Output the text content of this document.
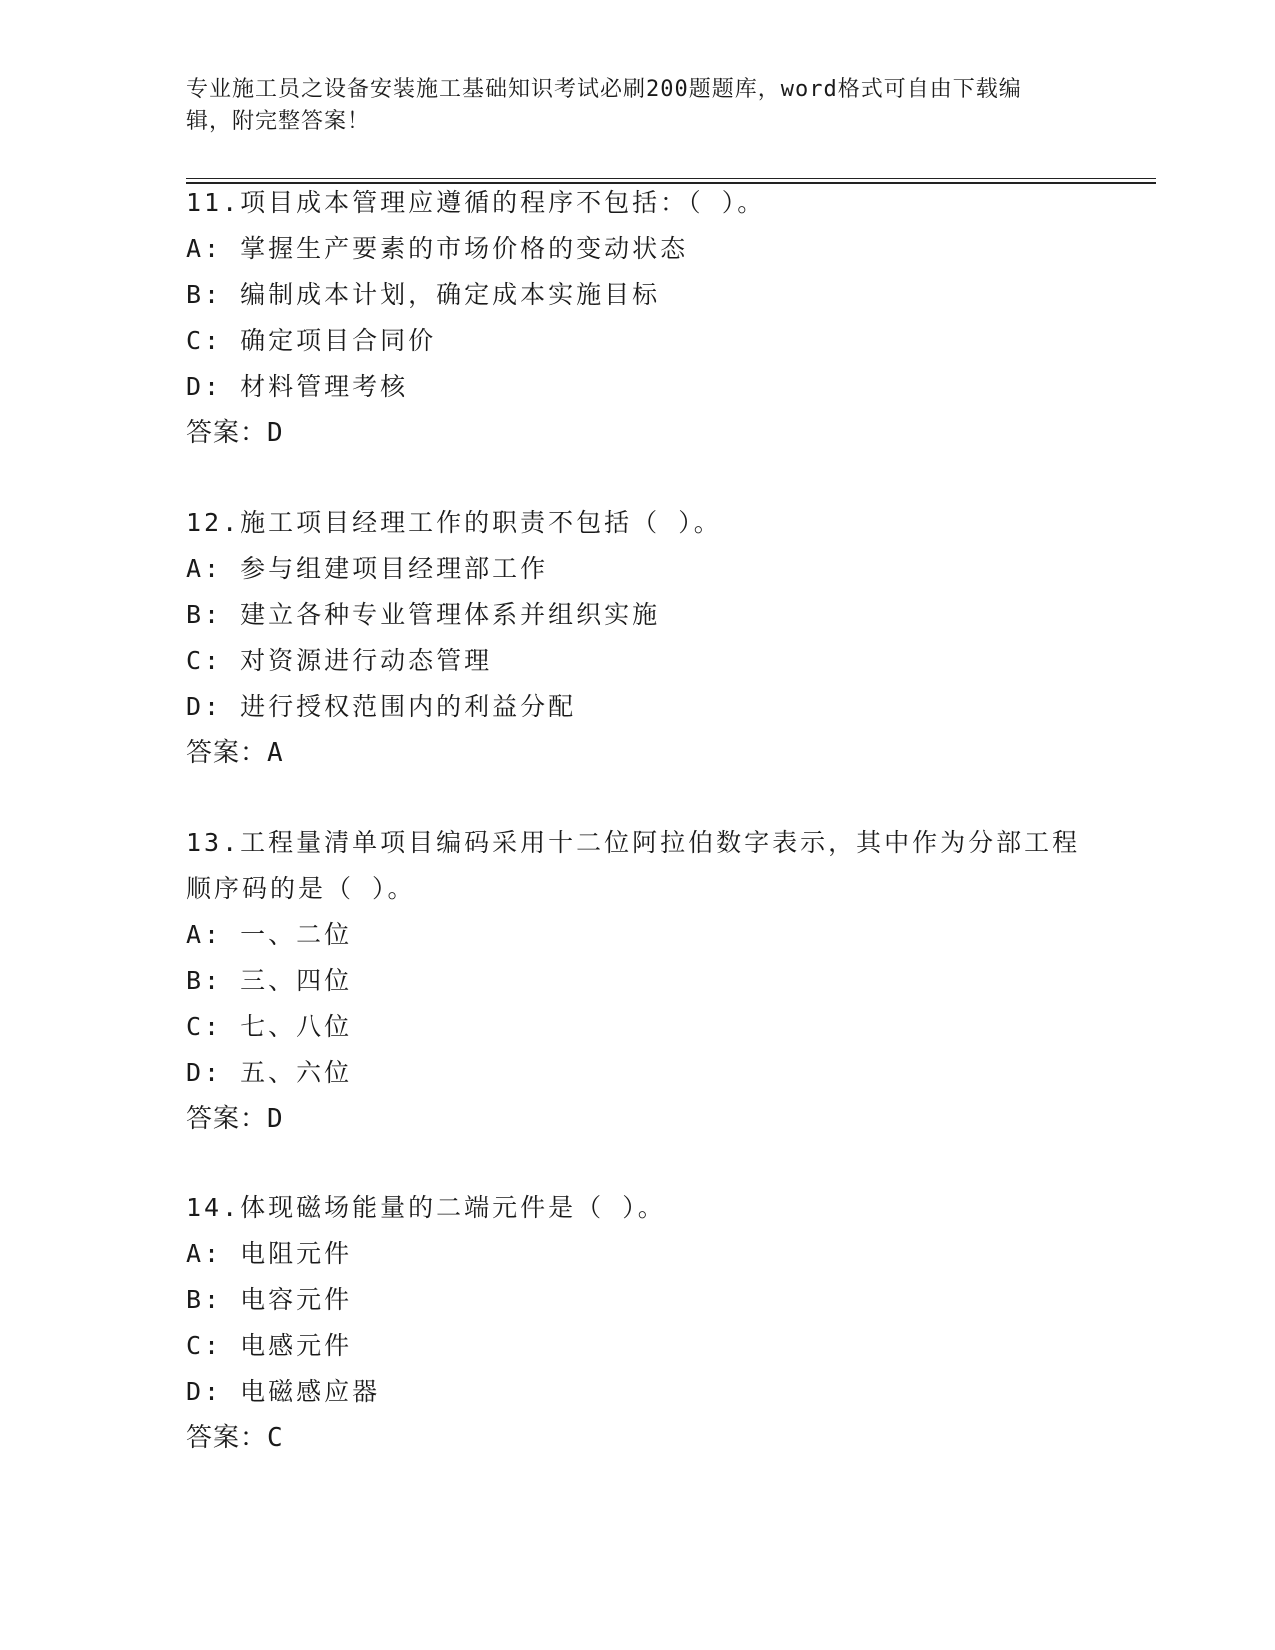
专业施工员之设备安装施工基础知识考试必刷200题题库，word格式可自由下载编辑，附完整答案！
11.项目成本管理应遵循的程序不包括：（ ）。
A: 掌握生产要素的市场价格的变动状态
B: 编制成本计划，确定成本实施目标
C: 确定项目合同价
D: 材料管理考核
答案：D
12.施工项目经理工作的职责不包括（ ）。
A: 参与组建项目经理部工作
B: 建立各种专业管理体系并组织实施
C: 对资源进行动态管理
D: 进行授权范围内的利益分配
答案：A
13.工程量清单项目编码采用十二位阿拉伯数字表示，其中作为分部工程顺序码的是（ ）。
A: 一、二位
B: 三、四位
C: 七、八位
D: 五、六位
答案：D
14.体现磁场能量的二端元件是（ ）。
A: 电阻元件
B: 电容元件
C: 电感元件
D: 电磁感应器
答案：C
